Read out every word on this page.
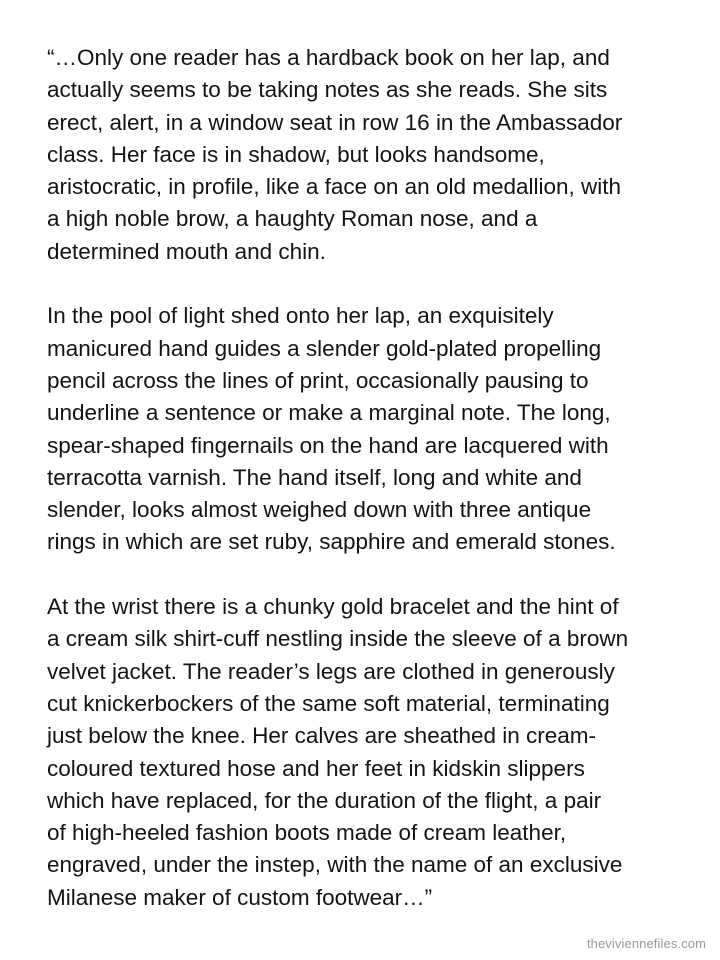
“…Only one reader has a hardback book on her lap, and
actually seems to be taking notes as she reads. She sits
erect, alert, in a window seat in row 16 in the Ambassador
class. Her face is in shadow, but looks handsome,
aristocratic, in profile, like a face on an old medallion, with
a high noble brow, a haughty Roman nose, and a
determined mouth and chin.
In the pool of light shed onto her lap, an exquisitely
manicured hand guides a slender gold-plated propelling
pencil across the lines of print, occasionally pausing to
underline a sentence or make a marginal note. The long,
spear-shaped fingernails on the hand are lacquered with
terracotta varnish. The hand itself, long and white and
slender, looks almost weighed down with three antique
rings in which are set ruby, sapphire and emerald stones.
At the wrist there is a chunky gold bracelet and the hint of
a cream silk shirt-cuff nestling inside the sleeve of a brown
velvet jacket. The reader’s legs are clothed in generously
cut knickerbockers of the same soft material, terminating
just below the knee. Her calves are sheathed in cream-
coloured textured hose and her feet in kidskin slippers
which have replaced, for the duration of the flight, a pair
of high-heeled fashion boots made of cream leather,
engraved, under the instep, with the name of an exclusive
Milanese maker of custom footwear…”
theviviennefiles.com
